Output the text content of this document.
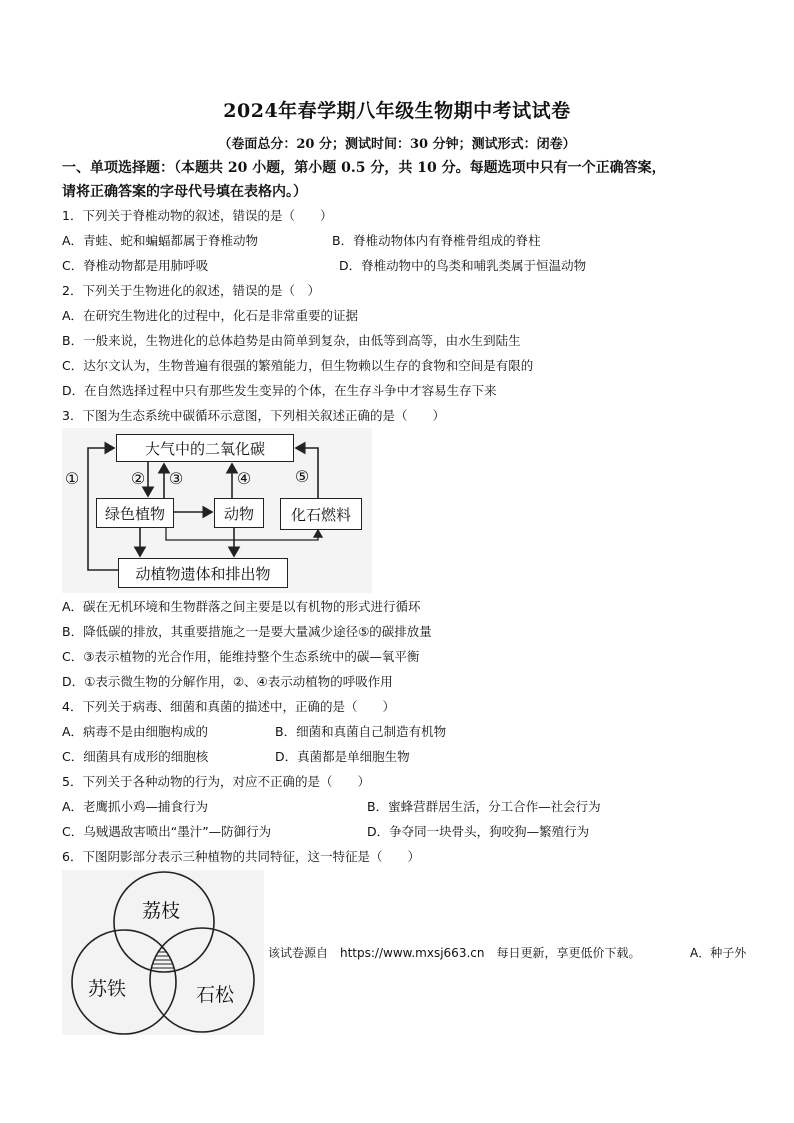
2024年春学期八年级生物期中考试试卷
（卷面总分：20 分；测试时间：30 分钟；测试形式：闭卷）
一、单项选择题：（本题共 20 小题，第小题 0.5 分，共 10 分。每题选项中只有一个正确答案，
请将正确答案的字母代号填在表格内。）
1．下列关于脊椎动物的叙述，错误的是（　　）
A．青蛙、蛇和蝙蝠都属于脊椎动物	B．脊椎动物体内有脊椎骨组成的脊柱
C．脊椎动物都是用肺呼吸	D．脊椎动物中的鸟类和哺乳类属于恒温动物
2．下列关于生物进化的叙述，错误的是（　）
A．在研究生物进化的过程中，化石是非常重要的证据
B．一般来说，生物进化的总体趋势是由简单到复杂，由低等到高等，由水生到陆生
C．达尔文认为，生物普遍有很强的繁殖能力，但生物赖以生存的食物和空间是有限的
D．在自然选择过程中只有那些发生变异的个体，在生存斗争中才容易生存下来
3．下图为生态系统中碳循环示意图，下列相关叙述正确的是（　　）
大气中的二氧化碳
绿色植物	动物	化石燃料
动植物遗体和排出物
①	② ③	④	⑤
A．碳在无机环境和生物群落之间主要是以有机物的形式进行循环
B．降低碳的排放，其重要措施之一是要大量减少途径⑤的碳排放量
C．③表示植物的光合作用，能维持整个生态系统中的碳—氧平衡
D．①表示微生物的分解作用，②、④表示动植物的呼吸作用
4．下列关于病毒、细菌和真菌的描述中，正确的是（　　）
A．病毒不是由细胞构成的	B．细菌和真菌自己制造有机物
C．细菌具有成形的细胞核	D．真菌都是单细胞生物
5．下列关于各种动物的行为，对应不正确的是（　　）
A．老鹰抓小鸡—捕食行为	B．蜜蜂营群居生活，分工合作—社会行为
C．乌贼遇敌害喷出“墨汁”—防御行为	D．争夺同一块骨头，狗咬狗—繁殖行为
6．下图阴影部分表示三种植物的共同特征，这一特征是（　　）
荔枝
苏铁	石松
该试卷源自　https://www.mxsj663.cn　每日更新，享更低价下载。	A．种子外
